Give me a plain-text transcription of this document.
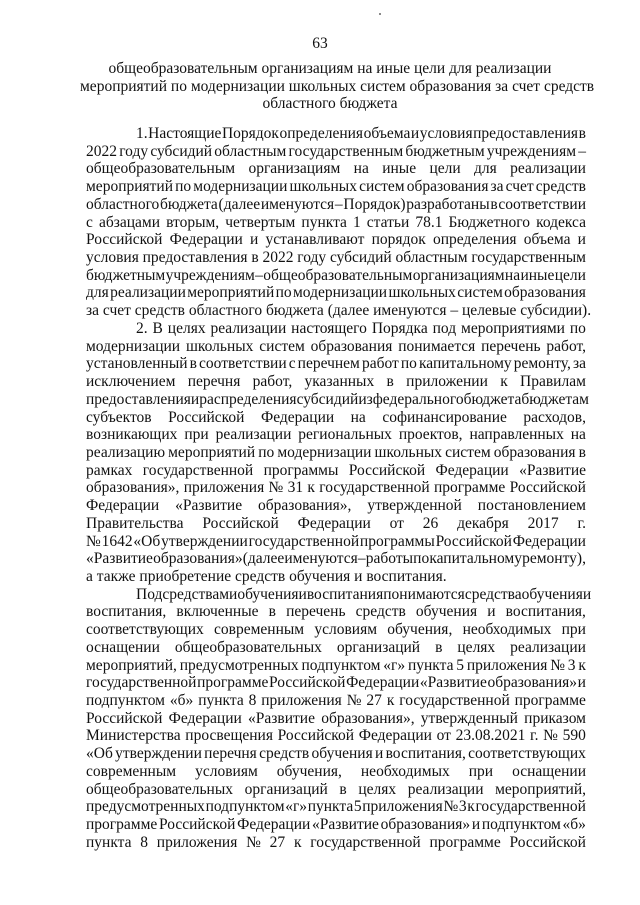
63
общеобразовательным организациям на иные цели для реализации
мероприятий по модернизации школьных систем образования за счет средств
областного бюджета
1. Настоящие Порядок определения объема и условия предоставления в
2022 году субсидий областным государственным бюджетным учреждениям –
общеобразовательным организациям на иные цели для реализации
мероприятий по модернизации школьных систем образования за счет средств
областного бюджета (далее именуются – Порядок) разработаны в соответствии
с абзацами вторым, четвертым пункта 1 статьи 78.1 Бюджетного кодекса
Российской Федерации и устанавливают порядок определения объема и
условия предоставления в 2022 году субсидий областным государственным
бюджетным учреждениям – общеобразовательным организациям на иные цели
для реализации мероприятий по модернизации школьных систем образования
за счет средств областного бюджета (далее именуются – целевые субсидии).
2. В целях реализации настоящего Порядка под мероприятиями по
модернизации школьных систем образования понимается перечень работ,
установленный в соответствии с перечнем работ по капитальному ремонту, за
исключением перечня работ, указанных в приложении к Правилам
предоставления и распределения субсидий из федерального бюджета бюджетам
субъектов Российской Федерации на софинансирование расходов,
возникающих при реализации региональных проектов, направленных на
реализацию мероприятий по модернизации школьных систем образования в
рамках государственной программы Российской Федерации «Развитие
образования», приложения № 31 к государственной программе Российской
Федерации «Развитие образования», утвержденной постановлением
Правительства Российской Федерации от 26 декабря 2017 г.
№ 1642 «Об утверждении государственной программы Российской Федерации
«Развитие образования» (далее именуются – работы по капитальному ремонту),
а также приобретение средств обучения и воспитания.
Под средствами обучения и воспитания понимаются средства обучения и
воспитания, включенные в перечень средств обучения и воспитания,
соответствующих современным условиям обучения, необходимых при
оснащении общеобразовательных организаций в целях реализации
мероприятий, предусмотренных подпунктом «г» пункта 5 приложения № 3 к
государственной программе Российской Федерации «Развитие образования» и
подпунктом «б» пункта 8 приложения № 27 к государственной программе
Российской Федерации «Развитие образования», утвержденный приказом
Министерства просвещения Российской Федерации от 23.08.2021 г. № 590
«Об утверждении перечня средств обучения и воспитания, соответствующих
современным условиям обучения, необходимых при оснащении
общеобразовательных организаций в целях реализации мероприятий,
предусмотренных подпунктом «г» пункта 5 приложения № 3 к государственной
программе Российской Федерации «Развитие образования» и подпунктом «б»
пункта 8 приложения № 27 к государственной программе Российской
